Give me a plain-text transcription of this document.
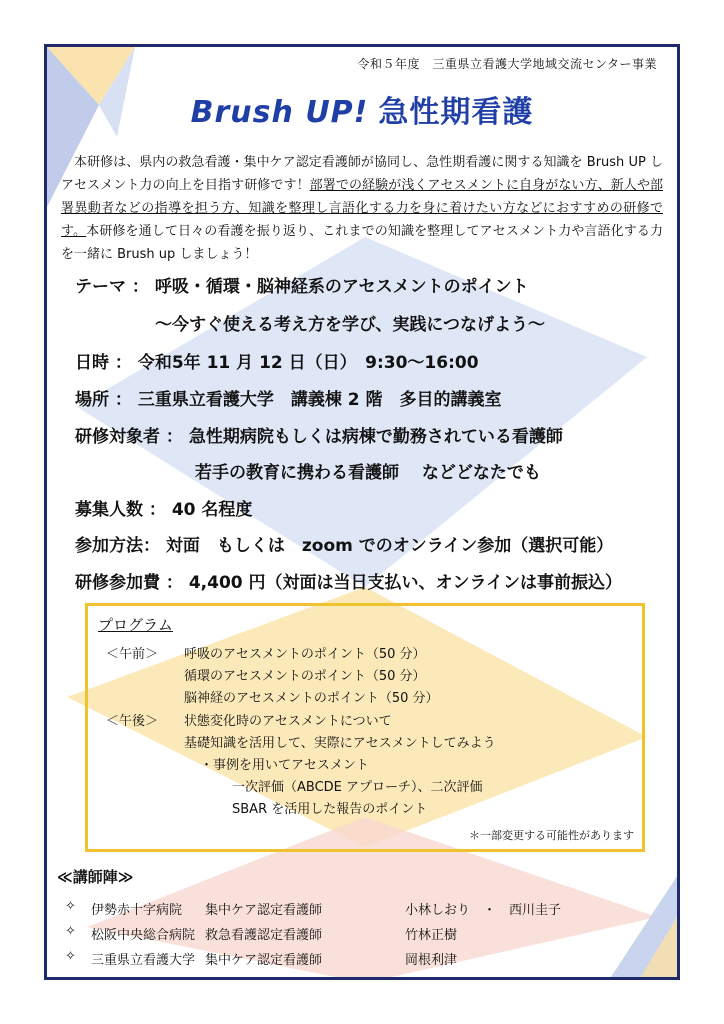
令和５年度　三重県立看護大学地域交流センター事業
Brush UP! 急性期看護
　本研修は、県内の救急看護・集中ケア認定看護師が協同し、急性期看護に関する知識を Brush UP しアセスメント力の向上を目指す研修です！部署での経験が浅くアセスメントに自身がない方、新人や部署異動者などの指導を担う方、知識を整理し言語化する力を身に着けたい方などにおすすめの研修です。本研修を通して日々の看護を振り返り、これまでの知識を整理してアセスメント力や言語化する力を一緒に Brush up しましょう！
テーマ ： 呼吸・循環・脳神経系のアセスメントのポイント
～今すぐ使える考え方を学び、実践につなげよう～
日時 ： 令和5年 11 月 12 日（日）　9:30～16:00
場所 ： 三重県立看護大学　講義棟 2 階　多目的講義室
研修対象者 ： 急性期病院もしくは病棟で勤務されている看護師
若手の教育に携わる看護師　 などどなたでも
募集人数 ： 40 名程度
参加方法： 対面　もしくは　zoom でのオンライン参加（選択可能）
研修参加費 ： 4,400 円（対面は当日支払い、オンラインは事前振込）
プログラム
＜午前＞ 呼吸のアセスメントのポイント（50 分）
循環のアセスメントのポイント（50 分）
脳神経のアセスメントのポイント（50 分）
＜午後＞ 状態変化時のアセスメントについて
基礎知識を活用して、実際にアセスメントしてみよう
・事例を用いてアセスメント
一次評価（ABCDE アプローチ）、二次評価
SBAR を活用した報告のポイント
＊一部変更する可能性があります
≪講師陣≫
✧ 伊勢赤十字病院 集中ケア認定看護師	小林しおり　・　西川圭子
✧ 松阪中央総合病院 救急看護認定看護師	竹林正樹
✧ 三重県立看護大学 集中ケア認定看護師	岡根利津
